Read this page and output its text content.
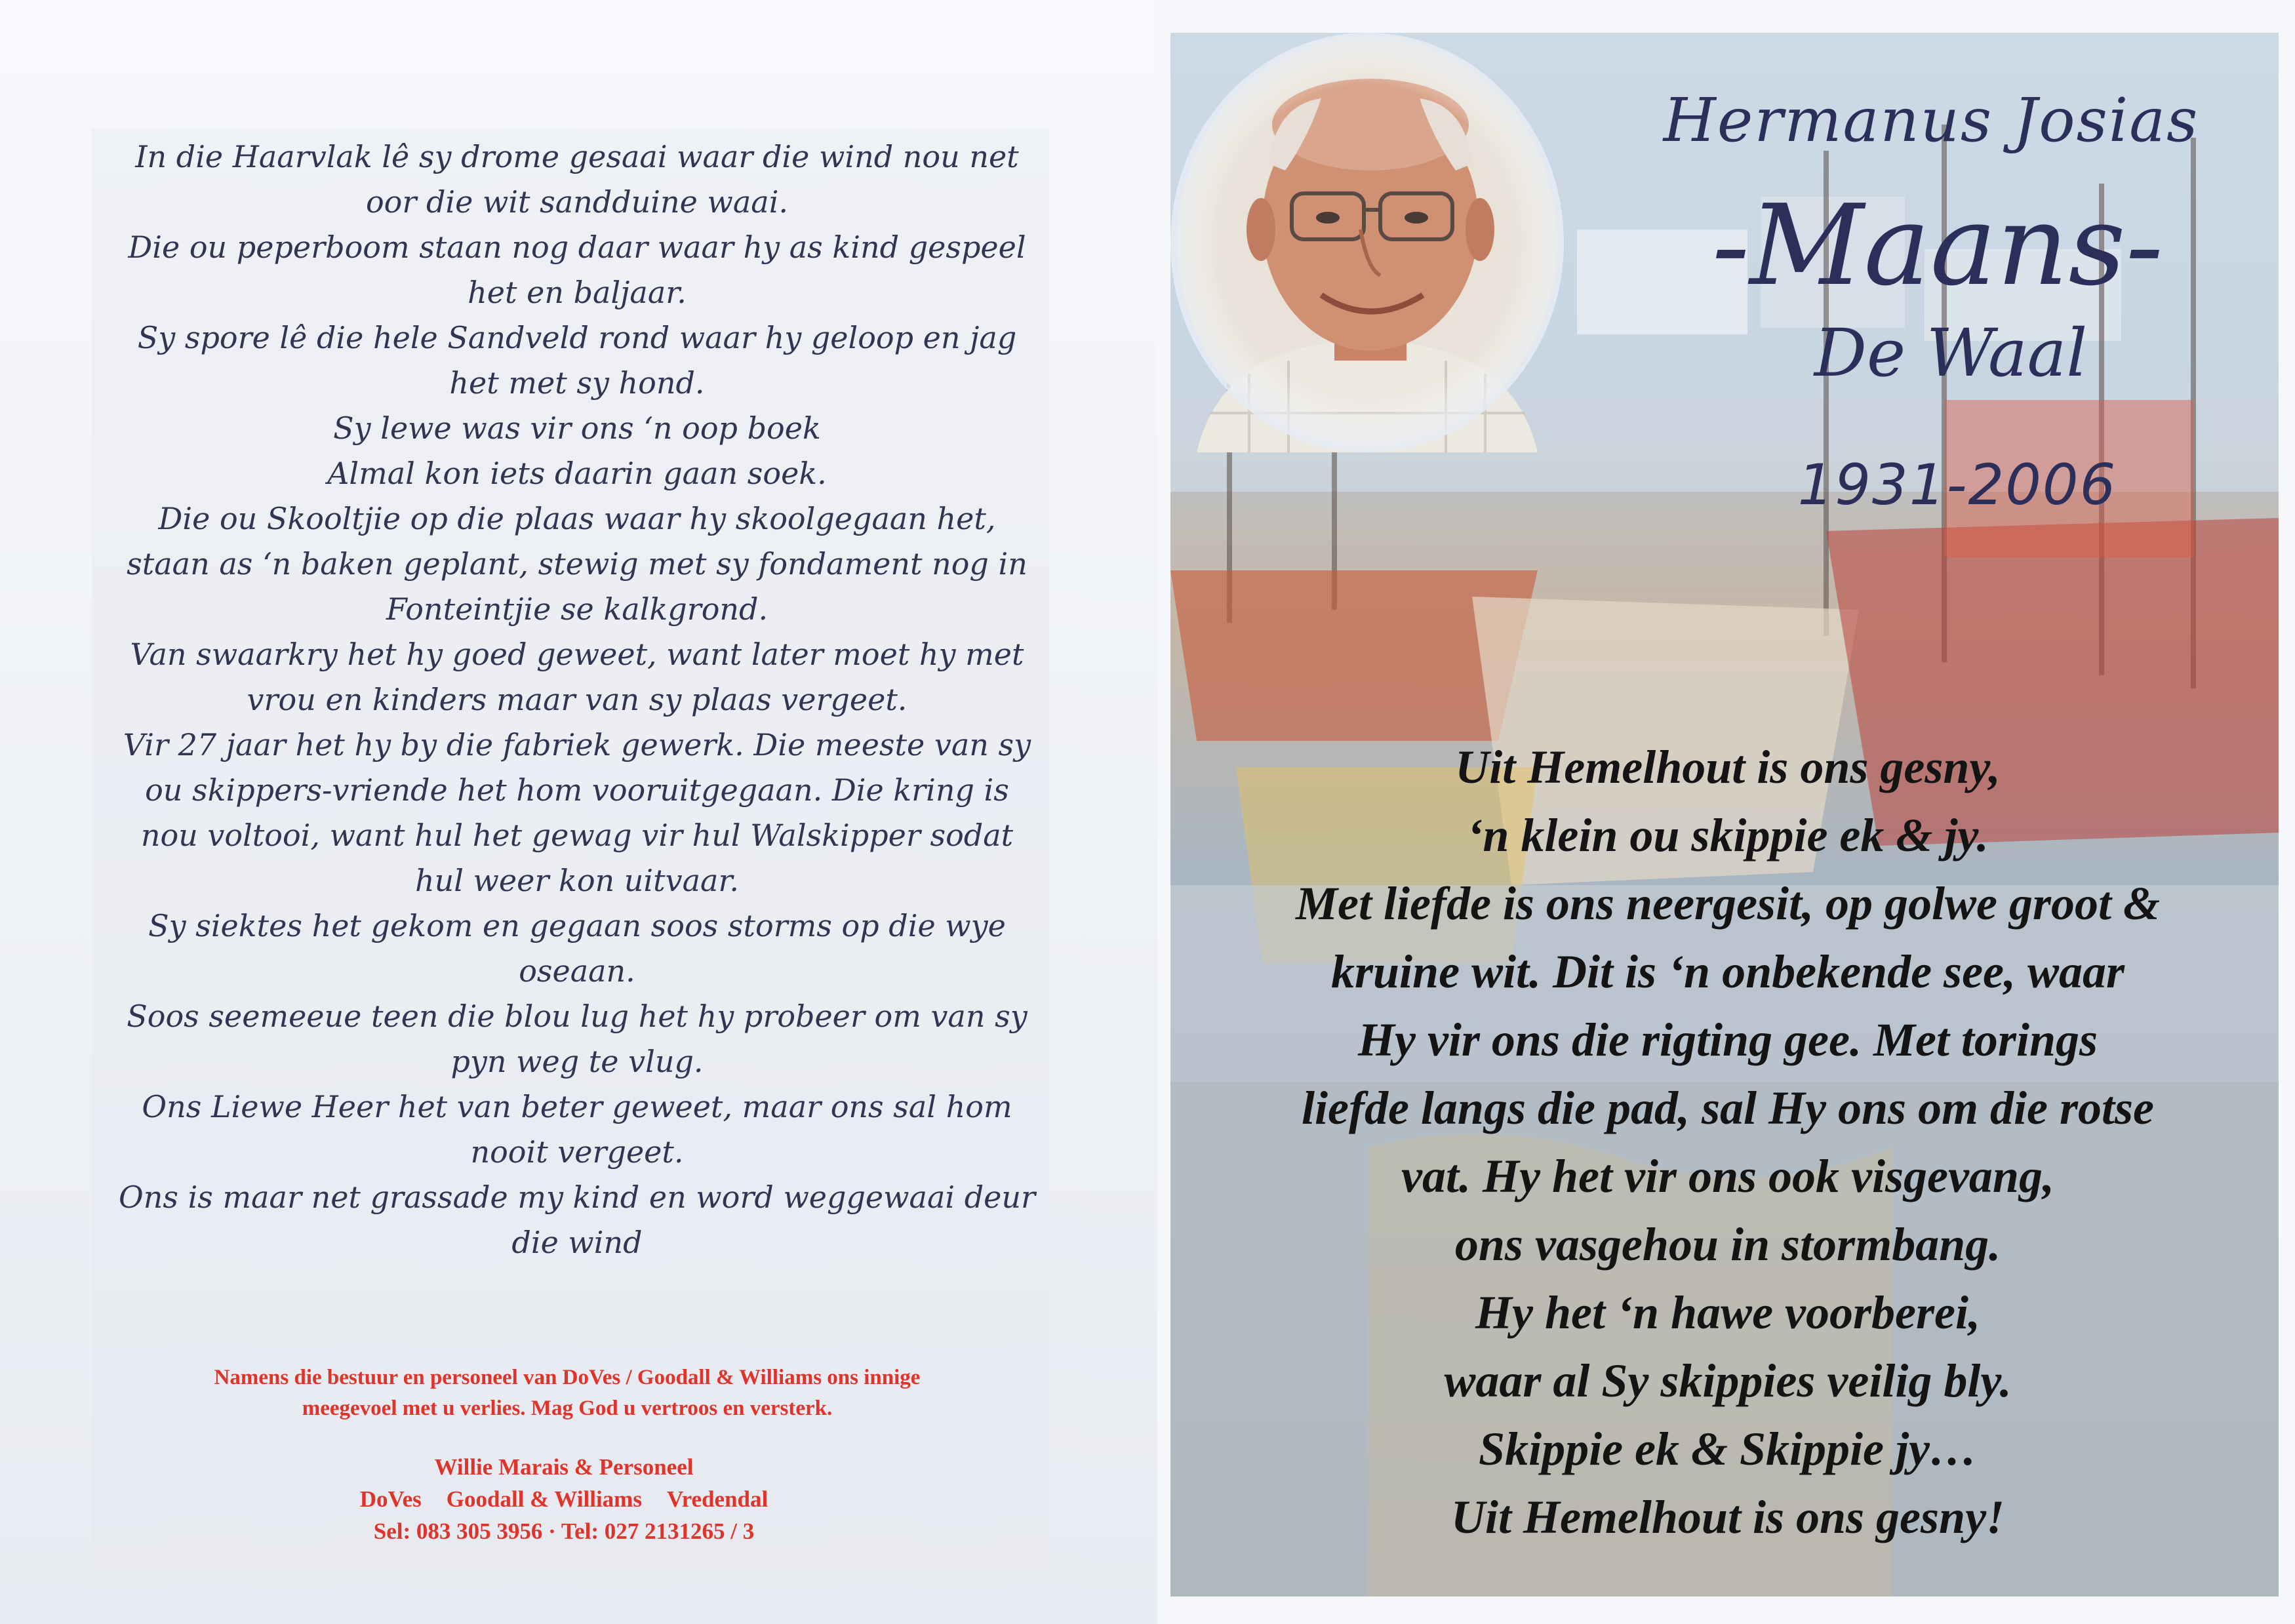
In die Haarvlak lê sy drome gesaai waar die wind nou net
oor die wit sandduine waai.
Die ou peperboom staan nog daar waar hy as kind gespeel
het en baljaar.
Sy spore lê die hele Sandveld rond waar hy geloop en jag
het met sy hond.
Sy lewe was vir ons ‘n oop boek
Almal kon iets daarin gaan soek.
Die ou Skooltjie op die plaas waar hy skoolgegaan het,
staan as ‘n baken geplant, stewig met sy fondament nog in
Fonteintjie se kalkgrond.
Van swaarkry het hy goed geweet, want later moet hy met
vrou en kinders maar van sy plaas vergeet.
Vir 27 jaar het hy by die fabriek gewerk. Die meeste van sy
ou skippers-vriende het hom vooruitgegaan. Die kring is
nou voltooi, want hul het gewag vir hul Walskipper sodat
hul weer kon uitvaar.
Sy siektes het gekom en gegaan soos storms op die wye
oseaan.
Soos seemeeue teen die blou lug het hy probeer om van sy
pyn weg te vlug.
Ons Liewe Heer het van beter geweet, maar ons sal hom
nooit vergeet.
Ons is maar net grassade my kind en word weggewaai deur
die wind
Namens die bestuur en personeel van DoVes / Goodall & Williams ons innige
meegevoel met u verlies. Mag God u vertroos en versterk.
Willie Marais & Personeel
DoVes Goodall & Williams Vredendal
Sel: 083 305 3956 · Tel: 027 2131265 / 3
Hermanus Josias
-Maans-
De Waal
1931-2006
Uit Hemelhout is ons gesny,
‘n klein ou skippie ek & jy.
Met liefde is ons neergesit, op golwe groot &
kruine wit. Dit is ‘n onbekende see, waar
Hy vir ons die rigting gee. Met torings
liefde langs die pad, sal Hy ons om die rotse
vat. Hy het vir ons ook visgevang,
ons vasgehou in stormbang.
Hy het ‘n hawe voorberei,
waar al Sy skippies veilig bly.
Skippie ek & Skippie jy…
Uit Hemelhout is ons gesny!
